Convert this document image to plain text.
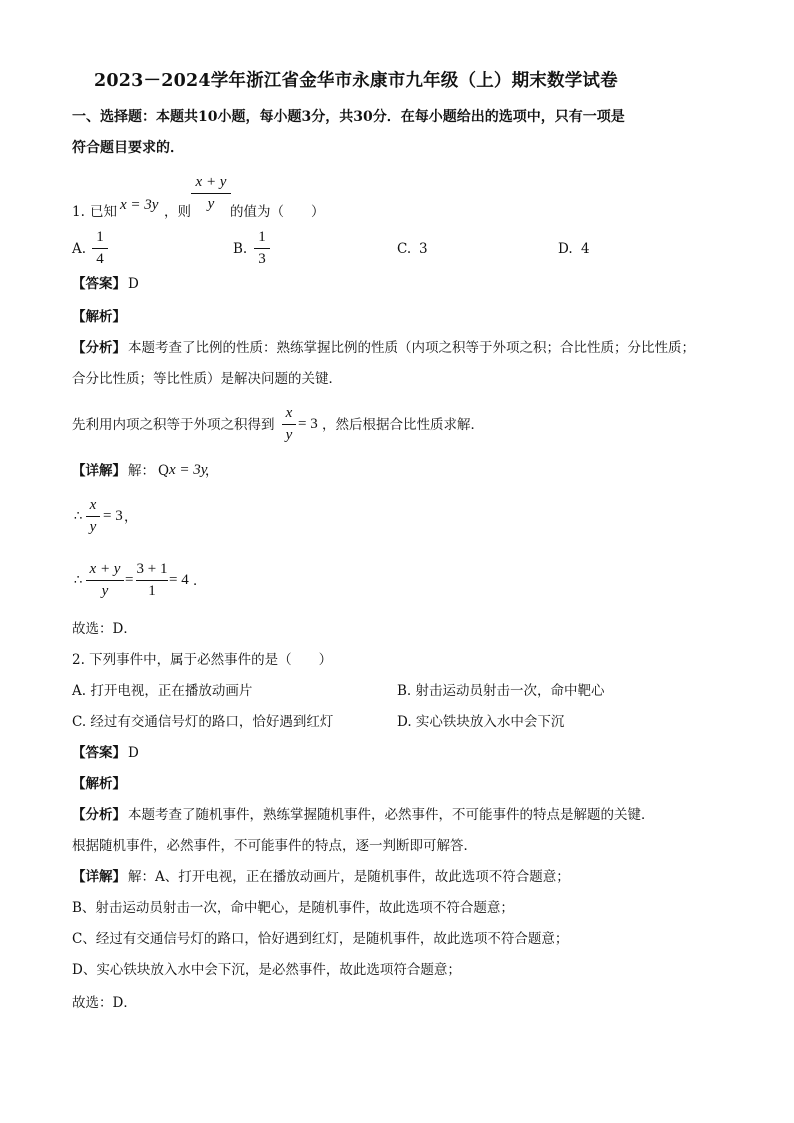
2023－2024学年浙江省金华市永康市九年级（上）期末数学试卷
一、选择题：本题共10小题，每小题3分，共30分．在每小题给出的选项中，只有一项是
符合题目要求的．
x + y
y
1. 已知 x = 3y ，则	的值为（　　）
A.
1
4
B.
1
3
C. 3	D. 4
【答案】 D
【解析】
【分析】 本题考查了比例的性质：熟练掌握比例的性质（内项之积等于外项之积；合比性质；分比性质；
合分比性质；等比性质）是解决问题的关键．
先利用内项之积等于外项之积得到
x
y
= 3 ，然后根据合比性质求解．
【详解】 解： Q x = 3y
，
∴
x
y
= 3 ，
∴
x + y
y
=
3 + 1
1
= 4 ．
故选：D．
2. 下列事件中，属于必然事件的是（　　）
A. 打开电视，正在播放动画片	B. 射击运动员射击一次，命中靶心
C. 经过有交通信号灯的路口，恰好遇到红灯	D. 实心铁块放入水中会下沉
【答案】 D
【解析】
【分析】 本题考查了随机事件，熟练掌握随机事件，必然事件，不可能事件的特点是解题的关键．
根据随机事件，必然事件，不可能事件的特点，逐一判断即可解答．
【详解】 解：A、打开电视，正在播放动画片，是随机事件，故此选项不符合题意；
B、射击运动员射击一次，命中靶心，是随机事件，故此选项不符合题意；
C、经过有交通信号灯的路口，恰好遇到红灯，是随机事件，故此选项不符合题意；
D、实心铁块放入水中会下沉，是必然事件，故此选项符合题意；
故选：D．
